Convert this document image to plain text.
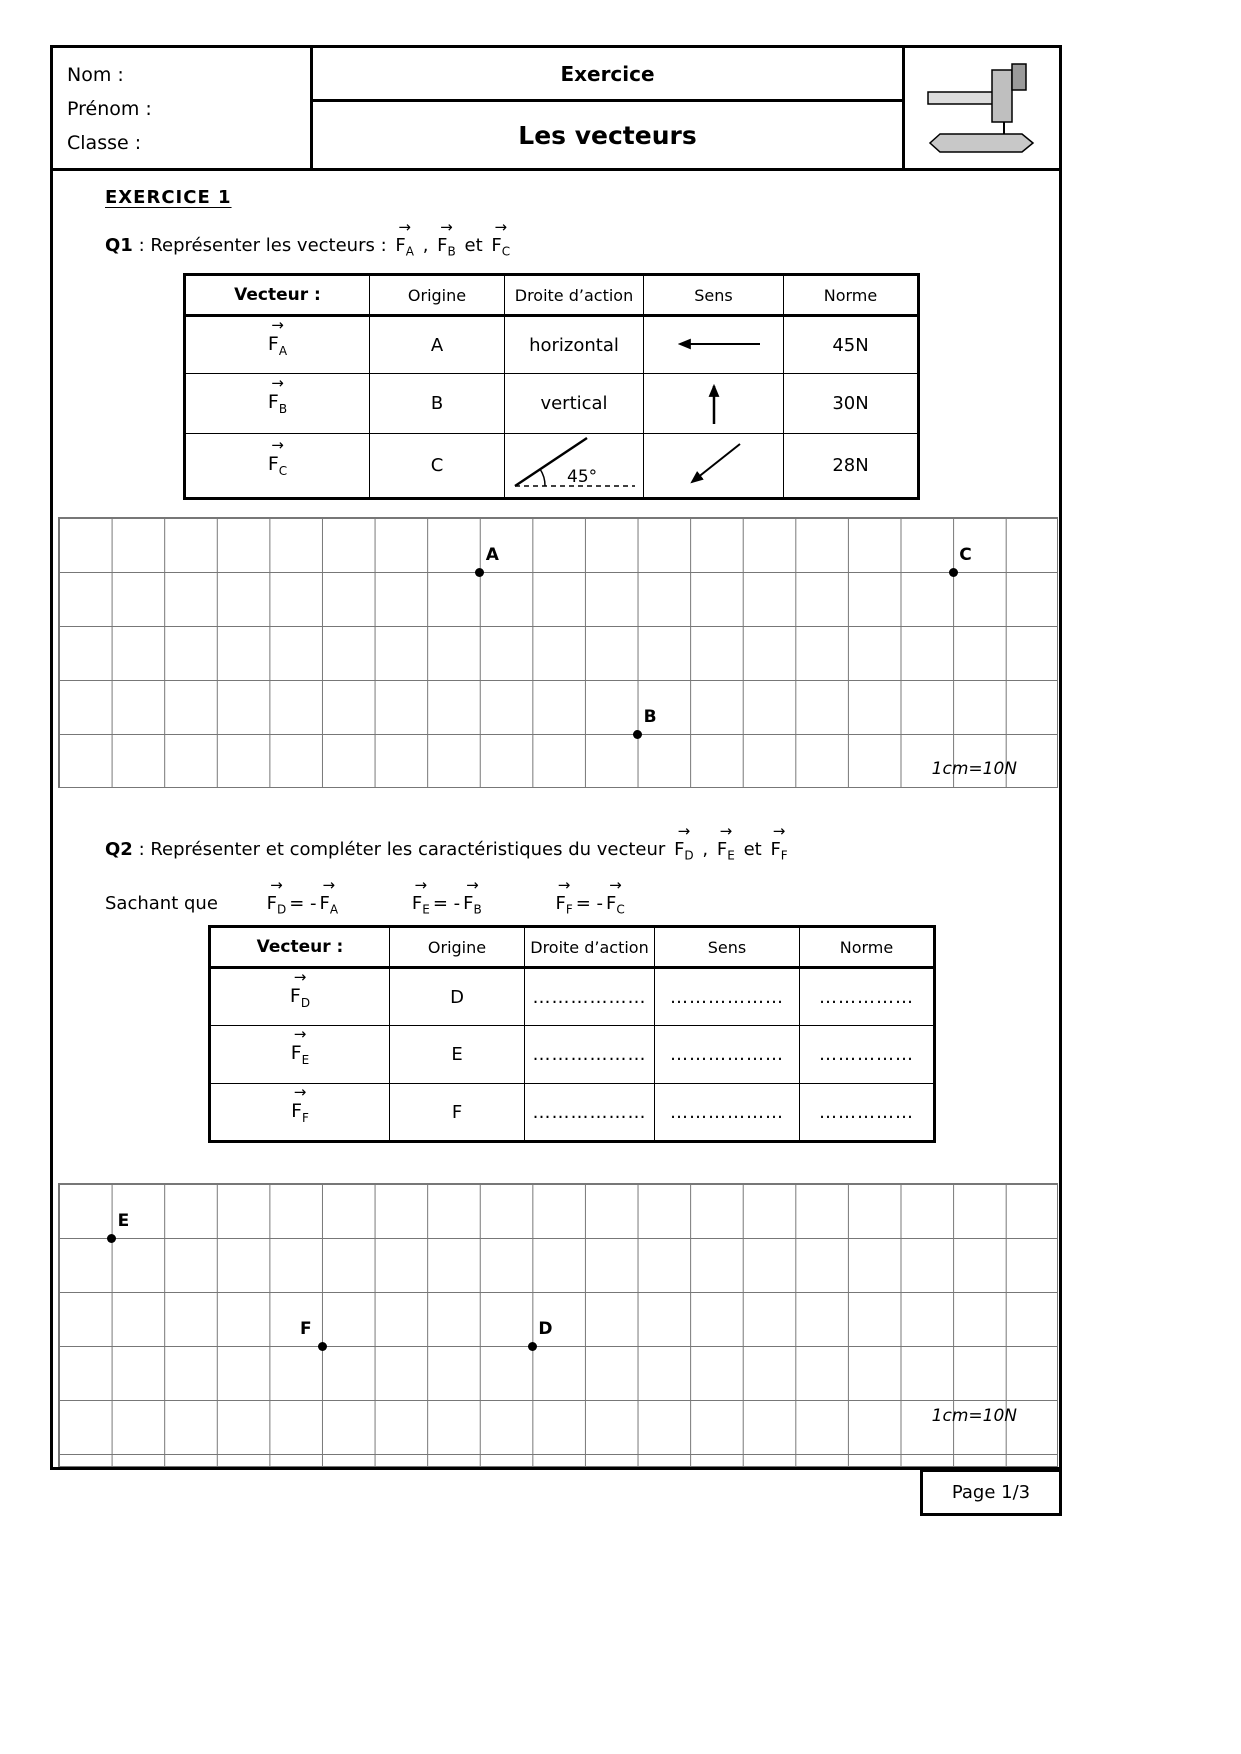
Nom :
Prénom :
Classe :
Exercice
Les vecteurs
EXERCICE 1
Q1 : Représenter les vecteurs :
→
$F_A$ ,
→
$F_B$ et
→
$F_C$
Vecteur :	Origine	Droite d’action	Sens	Norme

→
$F_A$	A	horizontal		45N

→
$F_B$	B	vertical		30N

→
$F_C$	C	45°		28N
1cm=10N
A	C
B
Q2 : Représenter et compléter les caractéristiques du vecteur
→
$F_D$ ,
→
$F_E$ et
→
$F_F$
Sachant que
→
$F_D$ = -
→
$F_A$
→
$F_E$ = -
→
$F_B$
→
$F_F$ = -
→
$F_C$
Vecteur :	Origine	Droite d’action	Sens	Norme

→
$F_D$	D	………………	………………	……………

→
$F_E$	E	………………	………………	……………

→
$F_F$	F	………………	………………	……………
1cm=10N
E
F	D
Page 1/3
